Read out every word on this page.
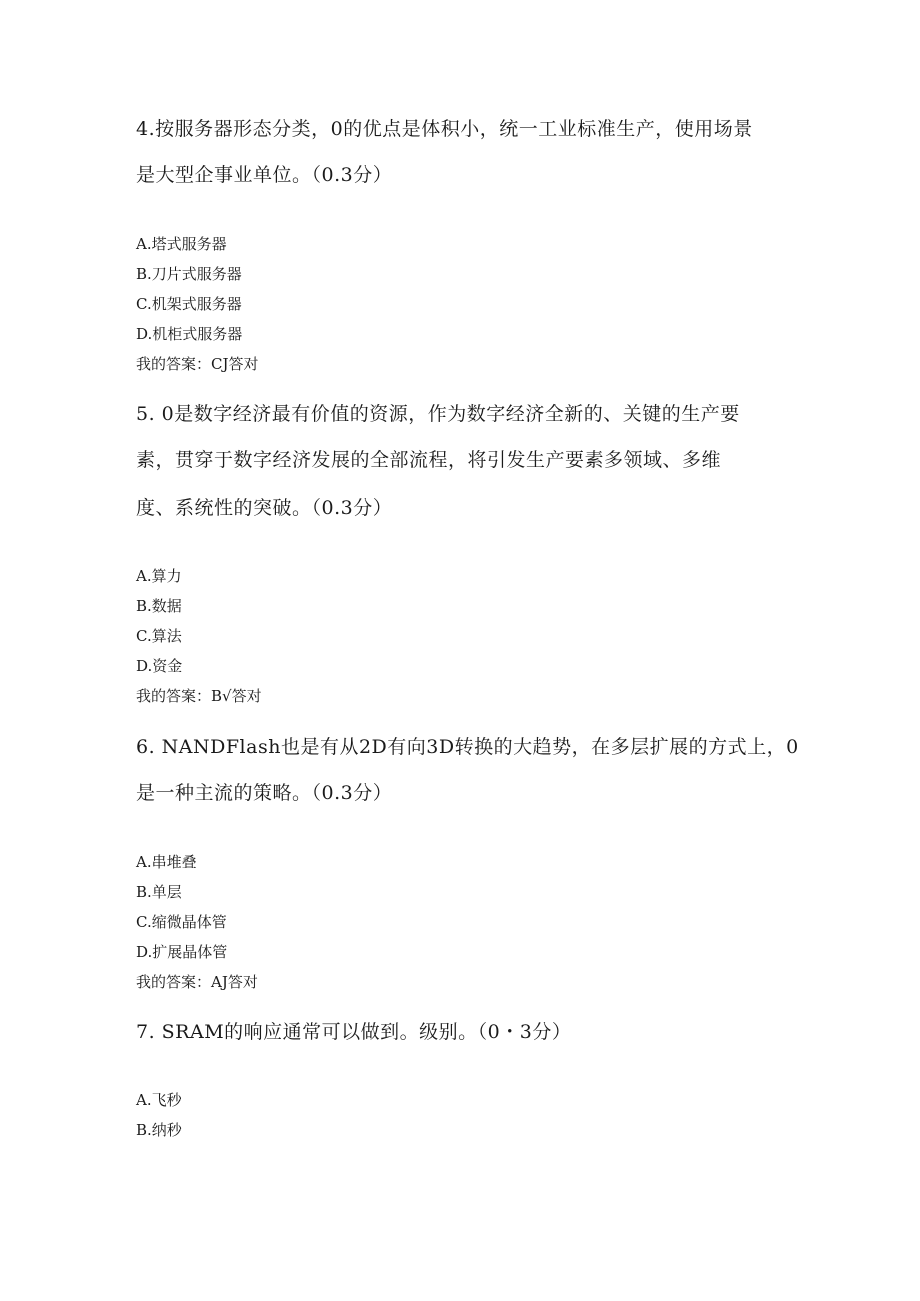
4.按服务器形态分类，0的优点是体积小，统一工业标准生产，使用场景
是大型企事业单位。（0.3分）
A.塔式服务器
B.刀片式服务器
C.机架式服务器
D.机柜式服务器
我的答案：CJ答对
5. 0是数字经济最有价值的资源，作为数字经济全新的、关键的生产要
素，贯穿于数字经济发展的全部流程，将引发生产要素多领域、多维
度、系统性的突破。（0.3分）
A.算力
B.数据
C.算法
D.资金
我的答案：B√答对
6. NANDFlash也是有从2D有向3D转换的大趋势，在多层扩展的方式上，0
是一种主流的策略。（0.3分）
A.串堆叠
B.单层
C.缩微晶体管
D.扩展晶体管
我的答案：AJ答对
7. SRAM的响应通常可以做到。级别。（0・3分）
A.飞秒
B.纳秒
